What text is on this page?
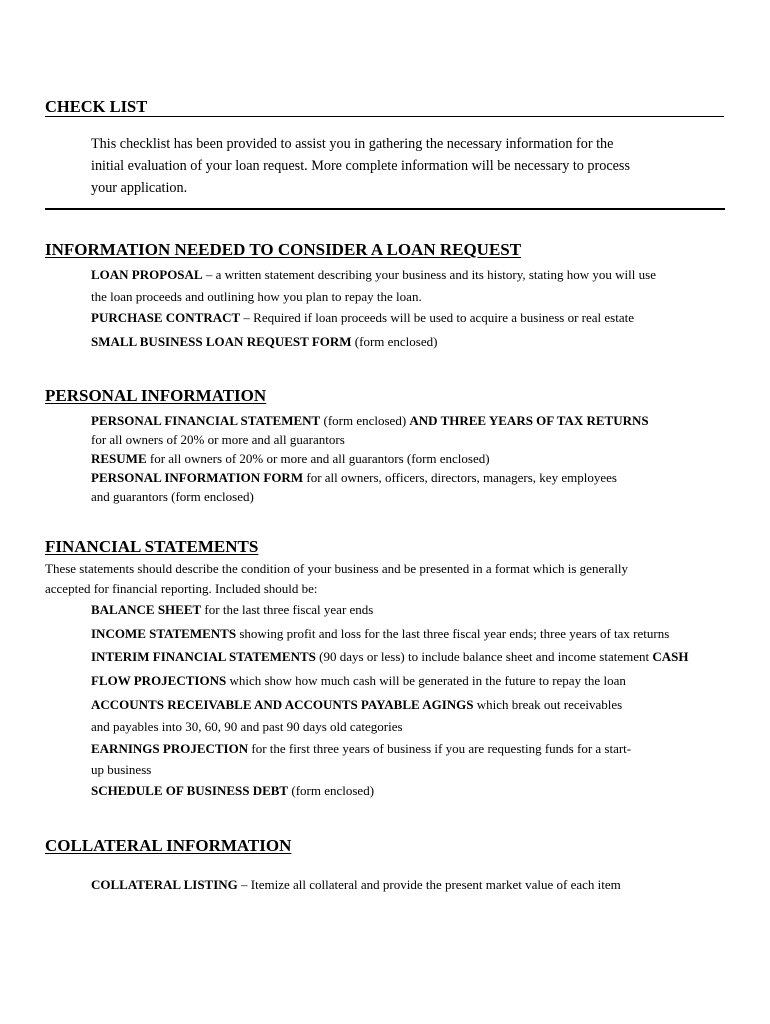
CHECK LIST
This checklist has been provided to assist you in gathering the necessary information for the
initial evaluation of your loan request. More complete information will be necessary to process
your application.
INFORMATION NEEDED TO CONSIDER A LOAN REQUEST
LOAN PROPOSAL – a written statement describing your business and its history, stating how you will use
the loan proceeds and outlining how you plan to repay the loan.
PURCHASE CONTRACT – Required if loan proceeds will be used to acquire a business or real estate
SMALL BUSINESS LOAN REQUEST FORM (form enclosed)
PERSONAL INFORMATION
PERSONAL FINANCIAL STATEMENT (form enclosed) AND THREE YEARS OF TAX RETURNS
for all owners of 20% or more and all guarantors
RESUME for all owners of 20% or more and all guarantors (form enclosed)
PERSONAL INFORMATION FORM for all owners, officers, directors, managers, key employees
and guarantors (form enclosed)
FINANCIAL STATEMENTS
These statements should describe the condition of your business and be presented in a format which is generally
accepted for financial reporting. Included should be:
BALANCE SHEET for the last three fiscal year ends
INCOME STATEMENTS showing profit and loss for the last three fiscal year ends; three years of tax returns
INTERIM FINANCIAL STATEMENTS (90 days or less) to include balance sheet and income statement CASH
FLOW PROJECTIONS which show how much cash will be generated in the future to repay the loan
ACCOUNTS RECEIVABLE AND ACCOUNTS PAYABLE AGINGS which break out receivables
and payables into 30, 60, 90 and past 90 days old categories
EARNINGS PROJECTION for the first three years of business if you are requesting funds for a start-
up business
SCHEDULE OF BUSINESS DEBT (form enclosed)
COLLATERAL INFORMATION
COLLATERAL LISTING – Itemize all collateral and provide the present market value of each item
